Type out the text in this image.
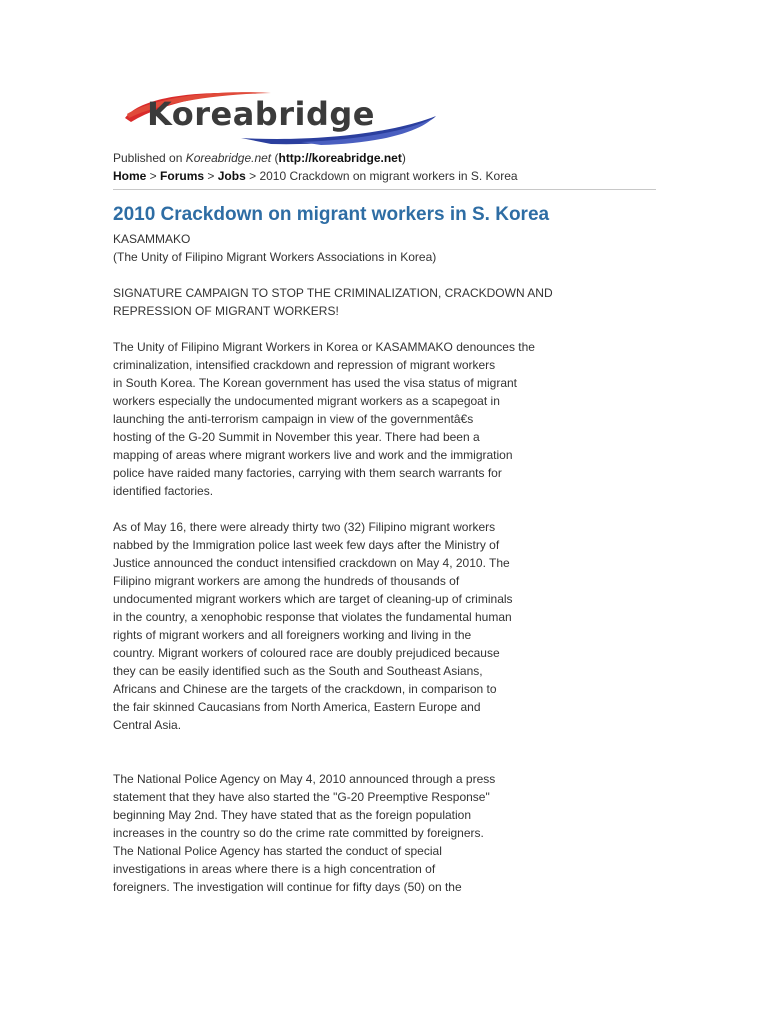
Koreabridge
Published on Koreabridge.net (http://koreabridge.net)
Home > Forums > Jobs > 2010 Crackdown on migrant workers in S. Korea
2010 Crackdown on migrant workers in S. Korea
KASAMMAKO
(The Unity of Filipino Migrant Workers Associations in Korea)
SIGNATURE CAMPAIGN TO STOP THE CRIMINALIZATION, CRACKDOWN AND
REPRESSION OF MIGRANT WORKERS!
The Unity of Filipino Migrant Workers in Korea or KASAMMAKO denounces the
criminalization, intensified crackdown and repression of migrant workers
in South Korea. The Korean government has used the visa status of migrant
workers especially the undocumented migrant workers as a scapegoat in
launching the anti-terrorism campaign in view of the governmentâ€s
hosting of the G-20 Summit in November this year. There had been a
mapping of areas where migrant workers live and work and the immigration
police have raided many factories, carrying with them search warrants for
identified factories.
As of May 16, there were already thirty two (32) Filipino migrant workers
nabbed by the Immigration police last week few days after the Ministry of
Justice announced the conduct intensified crackdown on May 4, 2010. The
Filipino migrant workers are among the hundreds of thousands of
undocumented migrant workers which are target of cleaning-up of criminals
in the country, a xenophobic response that violates the fundamental human
rights of migrant workers and all foreigners working and living in the
country. Migrant workers of coloured race are doubly prejudiced because
they can be easily identified such as the South and Southeast Asians,
Africans and Chinese are the targets of the crackdown, in comparison to
the fair skinned Caucasians from North America, Eastern Europe and
Central Asia.
The National Police Agency on May 4, 2010 announced through a press
statement that they have also started the "G-20 Preemptive Response"
beginning May 2nd. They have stated that as the foreign population
increases in the country so do the crime rate committed by foreigners.
The National Police Agency has started the conduct of special
investigations in areas where there is a high concentration of
foreigners. The investigation will continue for fifty days (50) on the
